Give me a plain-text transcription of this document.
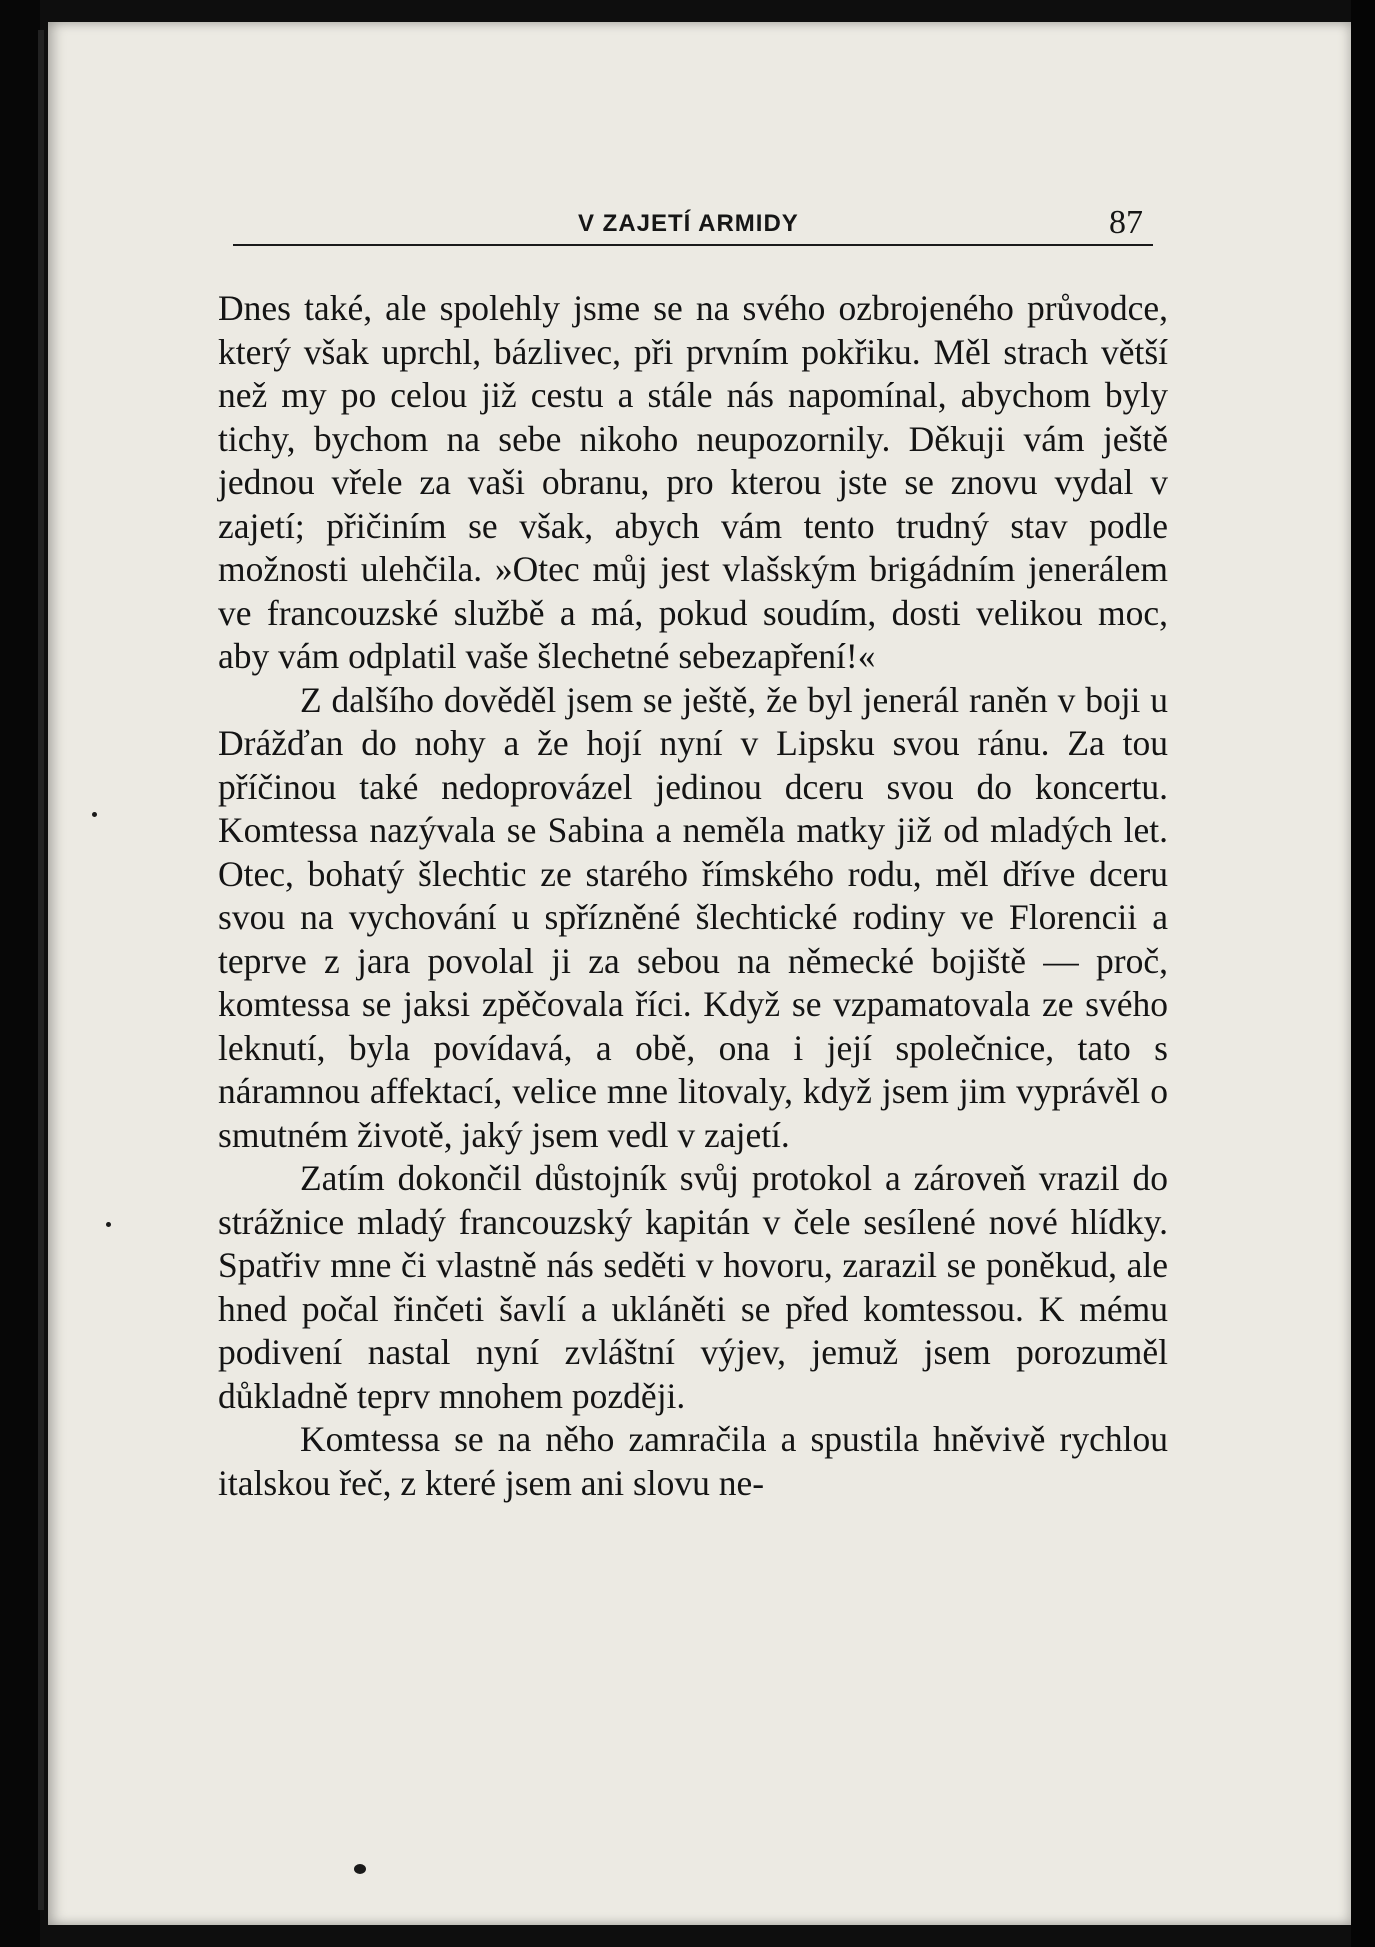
V ZAJETÍ ARMIDY	87

Dnes také, ale spolehly jsme se na svého ozbrojeného průvodce, který však uprchl, bázlivec, při prvním pokřiku. Měl strach větší než my po celou již cestu a stále nás napomínal, abychom byly tichy, bychom na sebe nikoho neupozornily. Děkuji vám ještě jednou vřele za vaši obranu, pro kterou jste se znovu vydal v zajetí; přičiním se však, abych vám tento trudný stav podle možnosti ulehčila. »Otec můj jest vlašským brigádním jenerálem ve francouzské službě a má, pokud soudím, dosti velikou moc, aby vám odplatil vaše šlechetné sebezapření!«

Z dalšího dověděl jsem se ještě, že byl jenerál raněn v boji u Drážďan do nohy a že hojí nyní v Lipsku svou ránu. Za tou příčinou také nedoprovázel jedinou dceru svou do koncertu. Komtessa nazývala se Sabina a neměla matky již od mladých let. Otec, bohatý šlechtic ze starého římského rodu, měl dříve dceru svou na vychování u spřízněné šlechtické rodiny ve Florencii a teprve z jara povolal ji za sebou na německé bojiště — proč, komtessa se jaksi zpěčovala říci. Když se vzpamatovala ze svého leknutí, byla povídavá, a obě, ona i její společnice, tato s náramnou affektací, velice mne litovaly, když jsem jim vyprávěl o smutném životě, jaký jsem vedl v zajetí.

Zatím dokončil důstojník svůj protokol a zároveň vrazil do strážnice mladý francouzský kapitán v čele sesílené nové hlídky. Spatřiv mne či vlastně nás seděti v hovoru, zarazil se poněkud, ale hned počal řinčeti šavlí a ukláněti se před komtessou. K mému podivení nastal nyní zvláštní výjev, jemuž jsem porozuměl důkladně teprv mnohem později.

Komtessa se na něho zamračila a spustila hněvivě rychlou italskou řeč, z které jsem ani slovu ne-
